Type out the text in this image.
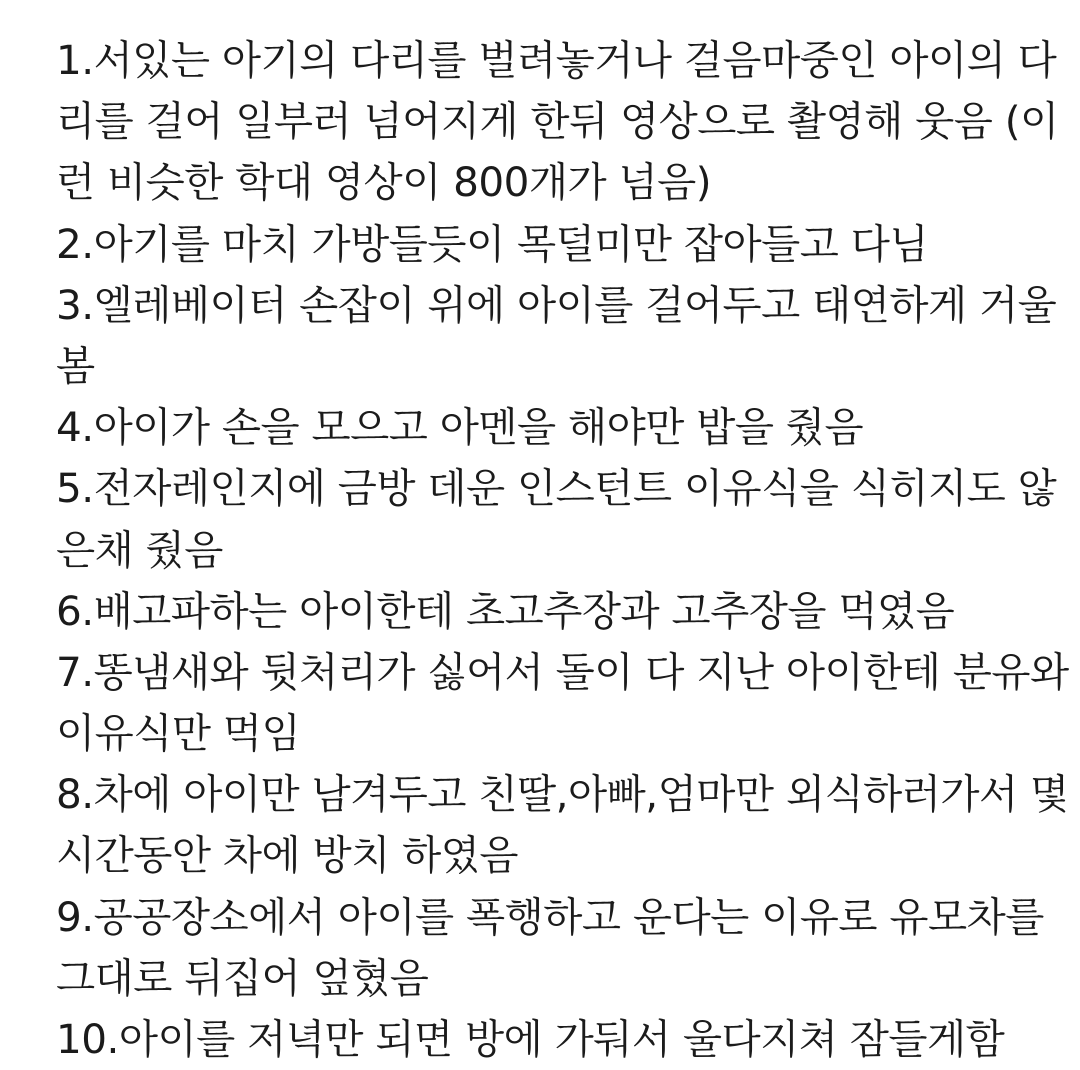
1.서있는 아기의 다리를 벌려놓거나 걸음마중인 아이의 다
리를 걸어 일부러 넘어지게 한뒤 영상으로 촬영해 웃음 (이
런 비슷한 학대 영상이 800개가 넘음)
2.아기를 마치 가방들듯이 목덜미만 잡아들고 다님
3.엘레베이터 손잡이 위에 아이를 걸어두고 태연하게 거울
봄
4.아이가 손을 모으고 아멘을 해야만 밥을 줬음
5.전자레인지에 금방 데운 인스턴트 이유식을 식히지도 않
은채 줬음
6.배고파하는 아이한테 초고추장과 고추장을 먹였음
7.똥냄새와 뒷처리가 싫어서 돌이 다 지난 아이한테 분유와
이유식만 먹임
8.차에 아이만 남겨두고 친딸,아빠,엄마만 외식하러가서 몇
시간동안 차에 방치 하였음
9.공공장소에서 아이를 폭행하고 운다는 이유로 유모차를
그대로 뒤집어 엎혔음
10.아이를 저녁만 되면 방에 가둬서 울다지쳐 잠들게함
